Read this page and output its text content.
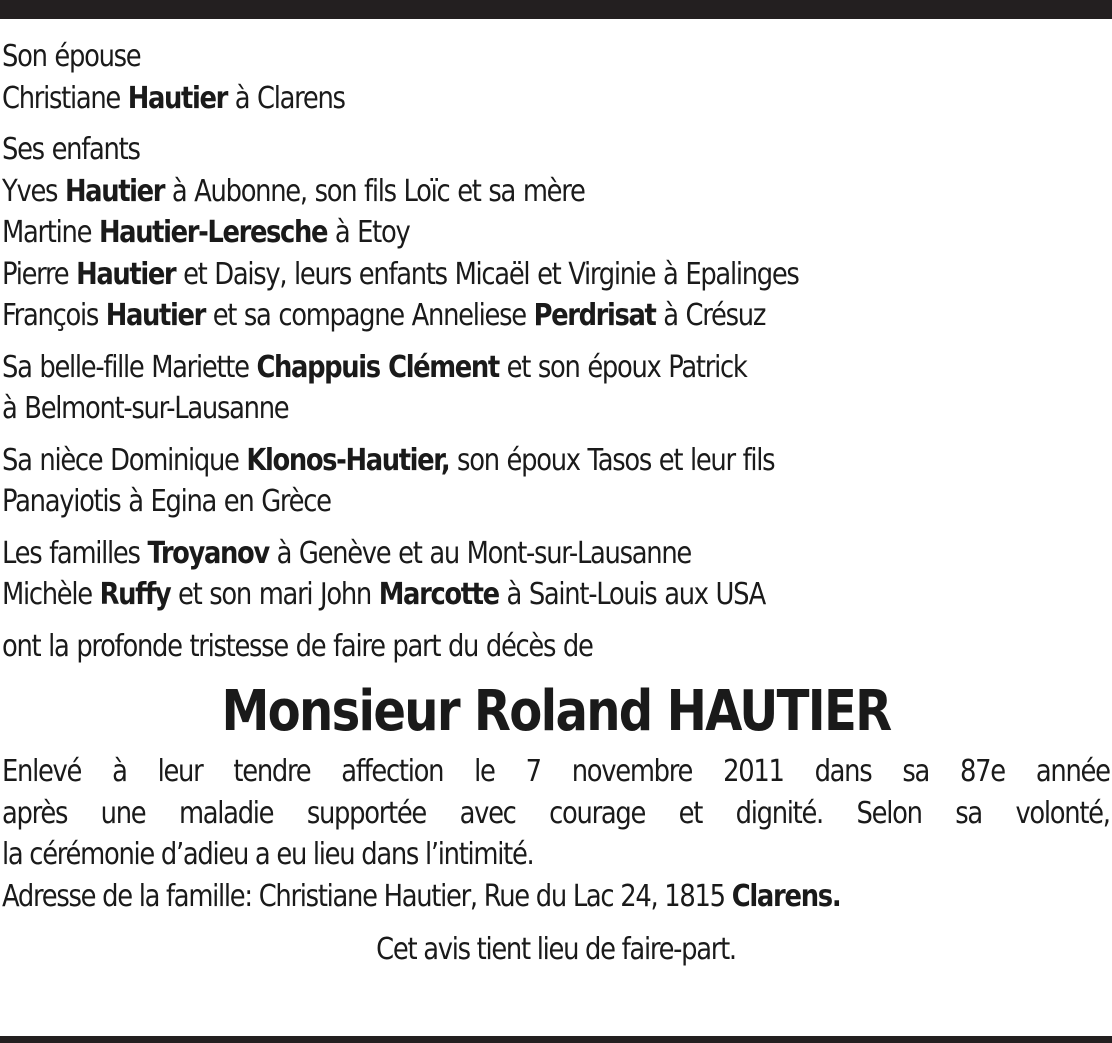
Son épouse
Christiane Hautier à Clarens
Ses enfants
Yves Hautier à Aubonne, son fils Loïc et sa mère
Martine Hautier-Leresche à Etoy
Pierre Hautier et Daisy, leurs enfants Micaël et Virginie à Epalinges
François Hautier et sa compagne Anneliese Perdrisat à Crésuz
Sa belle-fille Mariette Chappuis Clément et son époux Patrick
à Belmont-sur-Lausanne
Sa nièce Dominique Klonos-Hautier, son époux Tasos et leur fils
Panayiotis à Egina en Grèce
Les familles Troyanov à Genève et au Mont-sur-Lausanne
Michèle Ruffy et son mari John Marcotte à Saint-Louis aux USA
ont la profonde tristesse de faire part du décès de
Monsieur Roland HAUTIER
Enlevé à leur tendre affection le 7 novembre 2011 dans sa 87e année
après une maladie supportée avec courage et dignité. Selon sa volonté,
la cérémonie d’adieu a eu lieu dans l’intimité.
Adresse de la famille: Christiane Hautier, Rue du Lac 24, 1815 Clarens.
Cet avis tient lieu de faire-part.
